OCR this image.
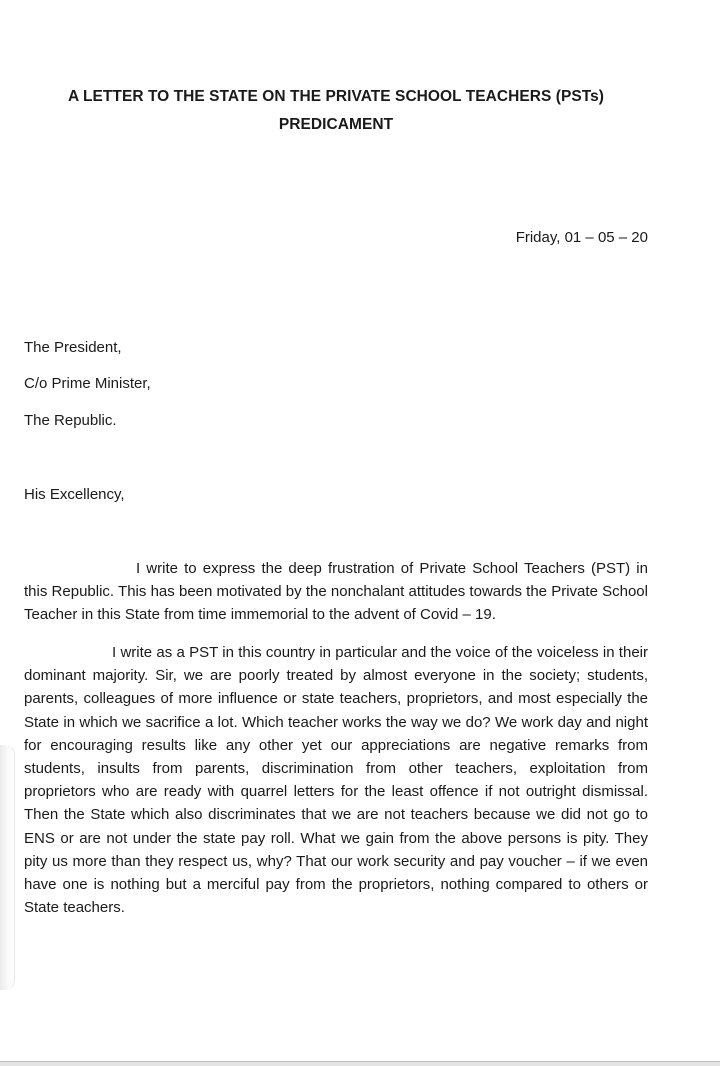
A LETTER TO THE STATE ON THE PRIVATE SCHOOL TEACHERS (PSTs)
PREDICAMENT
Friday, 01 – 05 – 20
The President,
C/o Prime Minister,
The Republic.
His Excellency,

I write to express the deep frustration of Private School Teachers (PST) in this Republic. This has been motivated by the nonchalant attitudes towards the Private School Teacher in this State from time immemorial to the advent of Covid – 19.

I write as a PST in this country in particular and the voice of the voiceless in their dominant majority. Sir, we are poorly treated by almost everyone in the society; students, parents, colleagues of more influence or state teachers, proprietors, and most especially the State in which we sacrifice a lot. Which teacher works the way we do? We work day and night for encouraging results like any other yet our appreciations are negative remarks from students, insults from parents, discrimination from other teachers, exploitation from proprietors who are ready with quarrel letters for the least offence if not outright dismissal. Then the State which also discriminates that we are not teachers because we did not go to ENS or are not under the state pay roll. What we gain from the above persons is pity. They pity us more than they respect us, why? That our work security and pay voucher – if we even have one is nothing but a merciful pay from the proprietors, nothing compared to others or State teachers.
